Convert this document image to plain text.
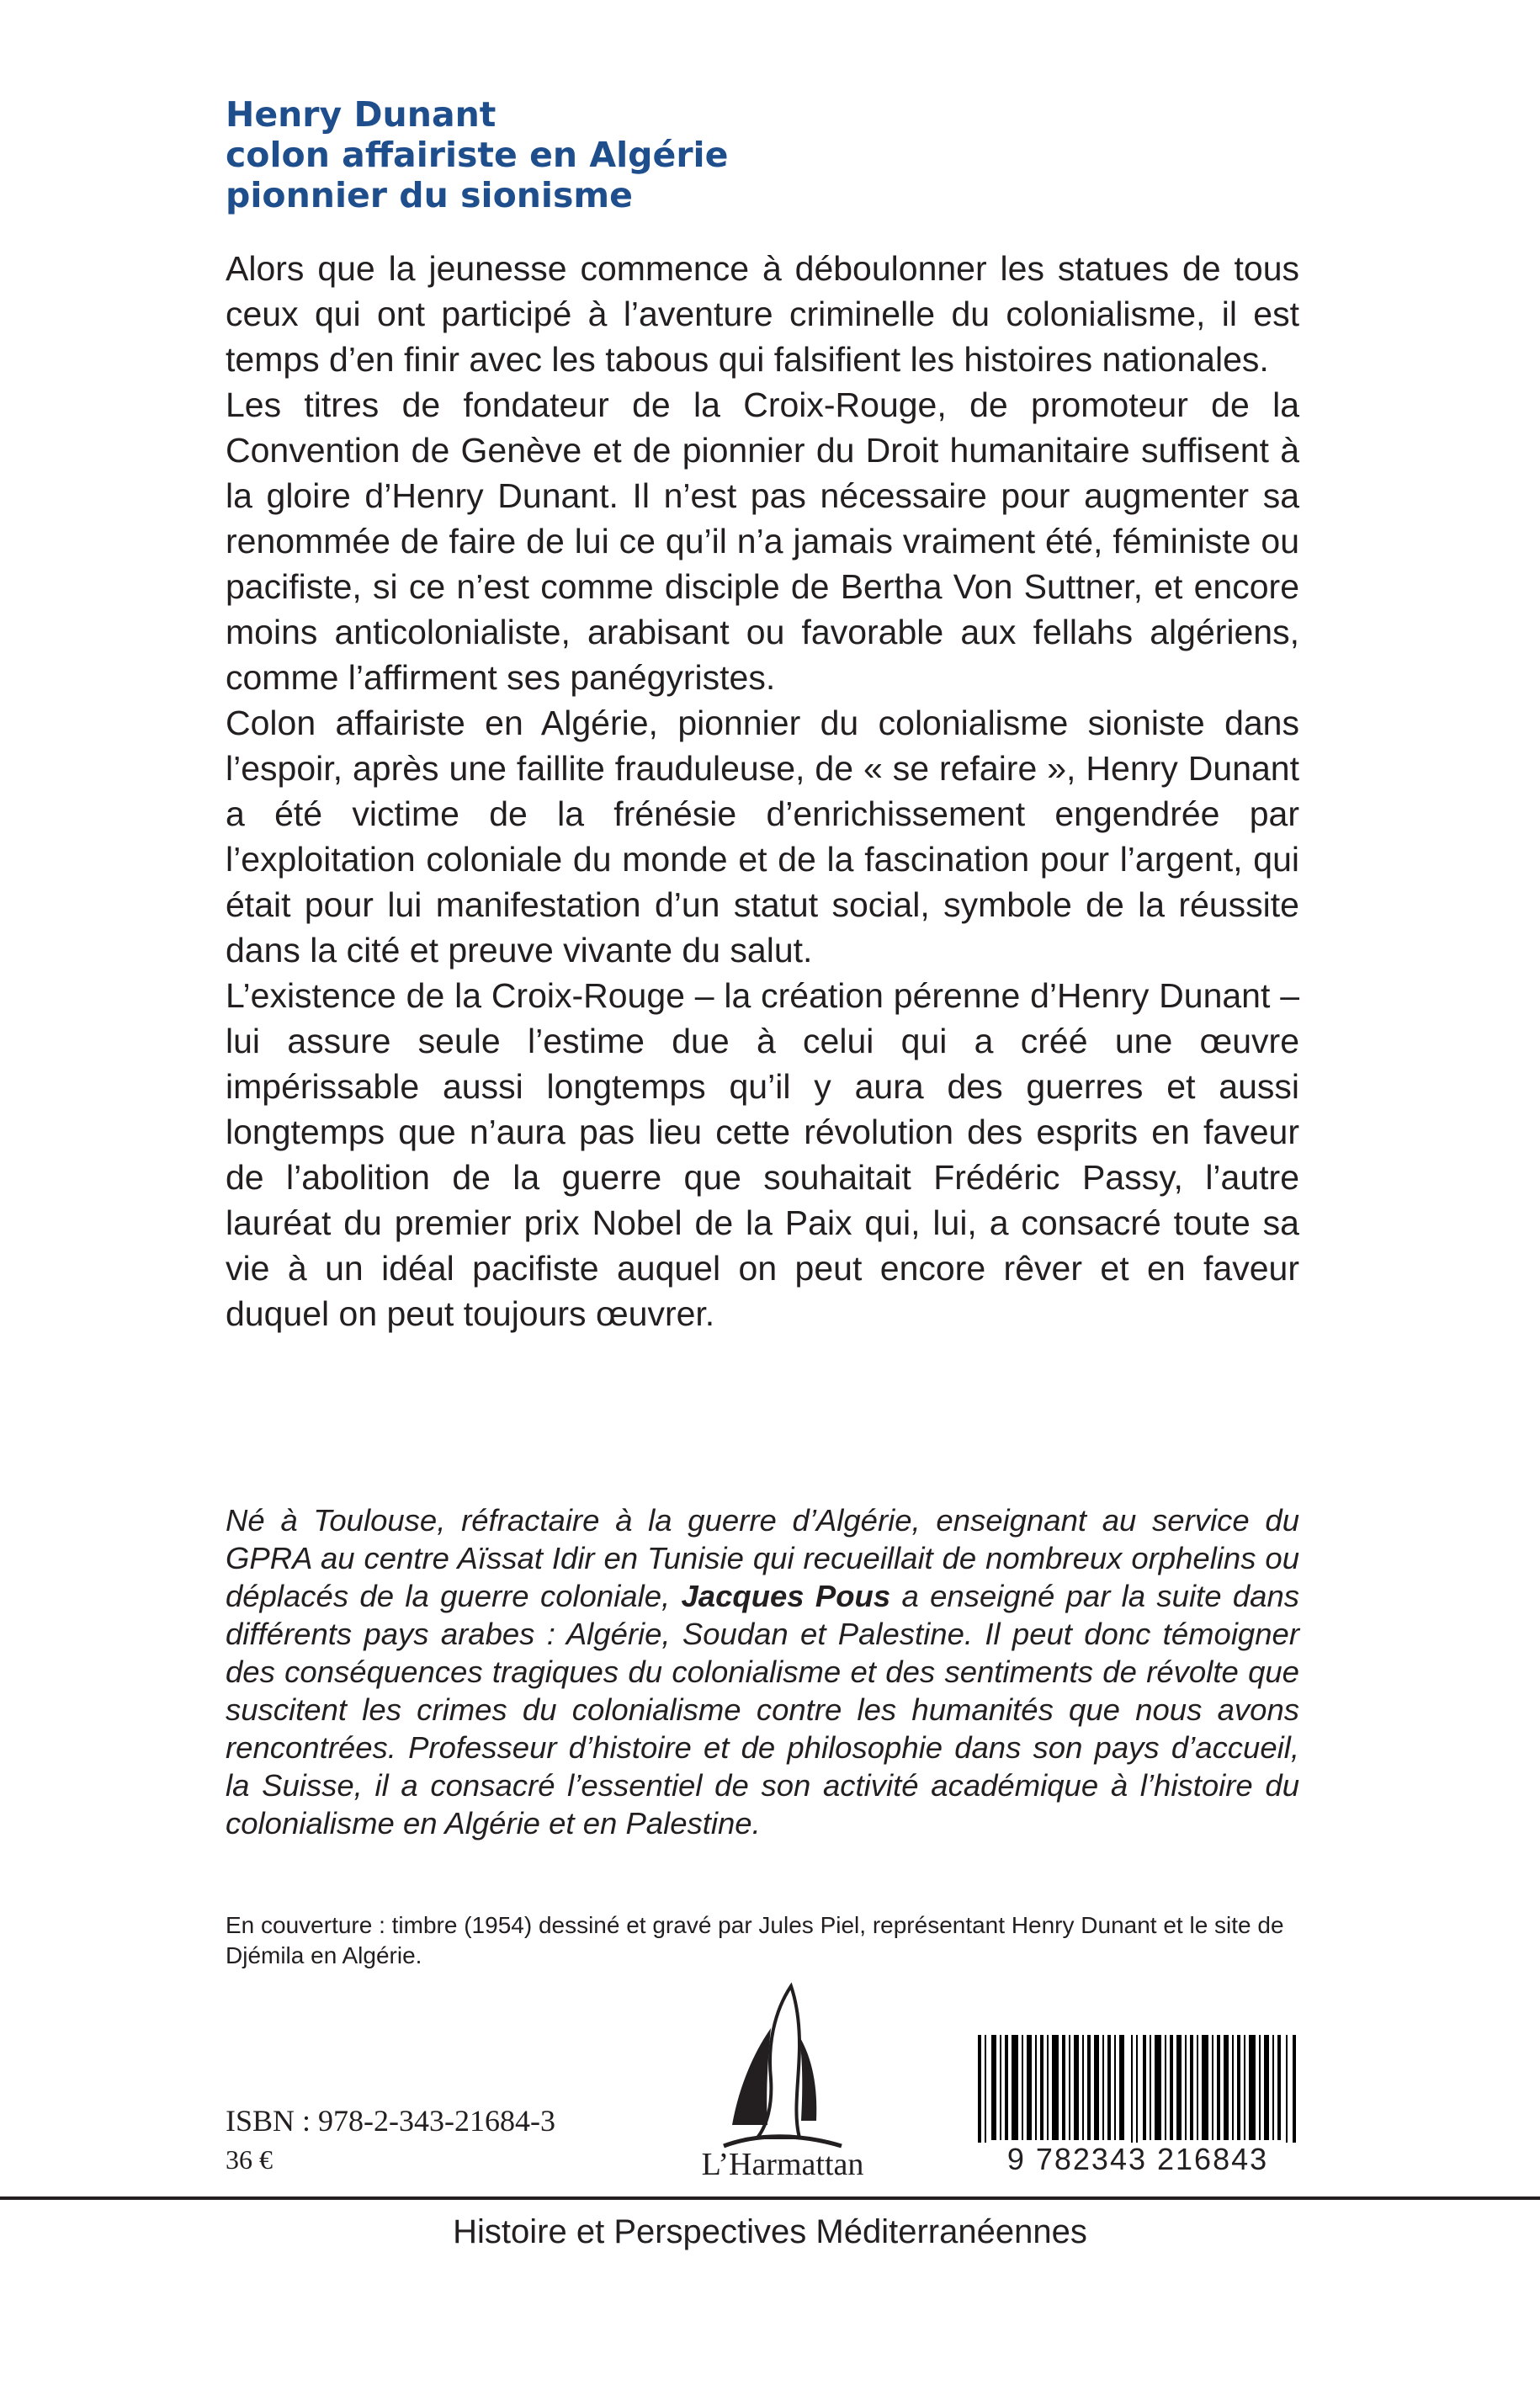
Henry Dunant
colon affairiste en Algérie
pionnier du sionisme

Alors que la jeunesse commence à déboulonner les statues de tous ceux qui ont participé à l’aventure criminelle du colonialisme, il est temps d’en finir avec les tabous qui falsifient les histoires nationales.

Les titres de fondateur de la Croix-Rouge, de promoteur de la Convention de Genève et de pionnier du Droit humanitaire suffisent à la gloire d’Henry Dunant. Il n’est pas nécessaire pour augmenter sa renommée de faire de lui ce qu’il n’a jamais vraiment été, féministe ou pacifiste, si ce n’est comme disciple de Bertha Von Suttner, et encore moins anticolonialiste, arabisant ou favorable aux fellahs algériens, comme l’affirment ses panégyristes.

Colon affairiste en Algérie, pionnier du colonialisme sioniste dans l’espoir, après une faillite frauduleuse, de « se refaire », Henry Dunant a été victime de la frénésie d’enrichissement engendrée par l’exploitation coloniale du monde et de la fascination pour l’argent, qui était pour lui manifestation d’un statut social, symbole de la réussite dans la cité et preuve vivante du salut.

L’existence de la Croix-Rouge – la création pérenne d’Henry Dunant – lui assure seule l’estime due à celui qui a créé une œuvre impérissable aussi longtemps qu’il y aura des guerres et aussi longtemps que n’aura pas lieu cette révolution des esprits en faveur de l’abolition de la guerre que souhaitait Frédéric Passy, l’autre lauréat du premier prix Nobel de la Paix qui, lui, a consacré toute sa vie à un idéal pacifiste auquel on peut encore rêver et en faveur duquel on peut toujours œuvrer.

Né à Toulouse, réfractaire à la guerre d’Algérie, enseignant au service du GPRA au centre Aïssat Idir en Tunisie qui recueillait de nombreux orphelins ou déplacés de la guerre coloniale, Jacques Pous a enseigné par la suite dans différents pays arabes : Algérie, Soudan et Palestine. Il peut donc témoigner des conséquences tragiques du colonialisme et des sentiments de révolte que suscitent les crimes du colonialisme contre les humanités que nous avons rencontrées. Professeur d’histoire et de philosophie dans son pays d’accueil, la Suisse, il a consacré l’essentiel de son activité académique à l’histoire du colonialisme en Algérie et en Palestine.

En couverture : timbre (1954) dessiné et gravé par Jules Piel, représentant Henry Dunant et le site de Djémila en Algérie.

ISBN : 978-2-343-21684-3

36 €	L’Harmattan	9 782343 216843

Histoire et Perspectives Méditerranéennes
